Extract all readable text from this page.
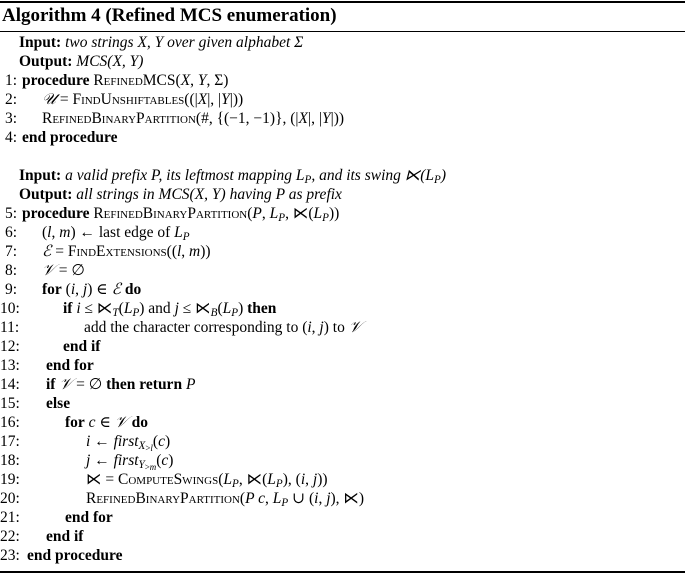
Algorithm 4 (Refined MCS enumeration)
Input: two strings X, Y over given alphabet Σ
Output: MCS(X, Y)
1: procedure RefinedMCS(X, Y, Σ)
2: 𝒰 = FindUnshiftables((|X|, |Y|))
3: RefinedBinaryPartition(#, {(−1, −1)}, (|X|, |Y|))
4: end procedure
Input: a valid prefix P, its leftmost mapping $L_P$, and its swing $⋉(L_P)$
Output: all strings in MCS(X, Y) having P as prefix
5: procedure RefinedBinaryPartition(P, $L_P$, $⋉(L_P)$)
6: (l, m) ← last edge of $L_P$
7: ℰ = FindExtensions((l, m))
8: 𝒱 = ∅
9: for (i, j) ∈ ℰ do
10:	if $i \le ⋉_T(L_P)$ and $j \le ⋉_B(L_P)$ then
11:	add the character corresponding to (i, j) to 𝒱
12:	end if
13: end for
14: if 𝒱 = ∅ then return P
15: else
16:	for c ∈ 𝒱 do
17:	i ← first$_{X>l}$(c)
18:	j ← first$_{Y>m}$(c)
19:	⋉ = $ComputeSwings(L_P$, $⋉(L_P)$, (i, j))
20:	RefinedBinaryPartition(P c, $L_P$ ∪ (i, j), ⋉)
21:	end for
22: end if
23: end procedure
